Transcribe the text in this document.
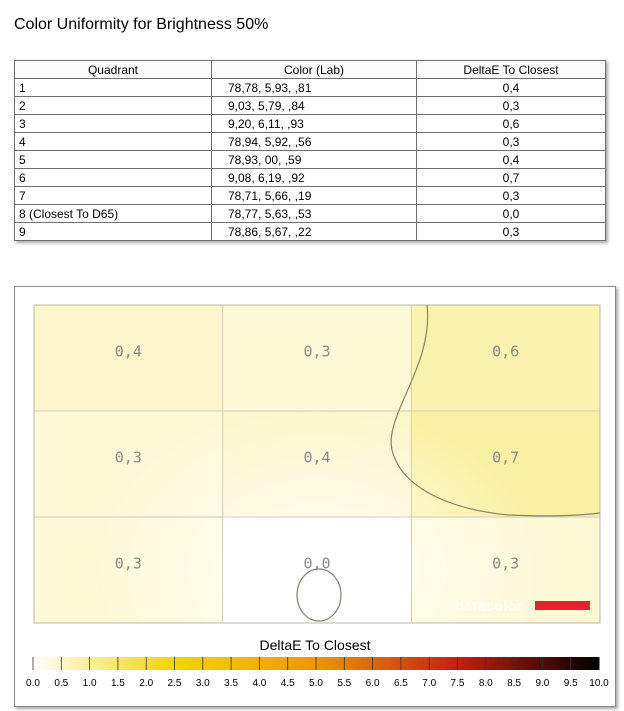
Color Uniformity for Brightness 50%
Quadrant	Color (Lab)	DeltaE To Closest
1	78,78, 5,93, ,81	0,4
2	9,03, 5,79, ,84	0,3
3	9,20, 6,11, ,93	0,6
4	78,94, 5,92, ,56	0,3
5	78,93, 00, ,59	0,4
6	9,08, 6,19, ,92	0,7
7	78,71, 5,66, ,19	0,3
8 (Closest To D65)	78,77, 5,63, ,53	0,0
9	78,86, 5,67, ,22	0,3
0,4	0,3	0,6
0,3	0,4	0,7
0,3	0,0	0,3
datacolor
DeltaE To Closest
0.0 0.5 1.0 1.5 2.0 2.5 3.0 3.5 4.0 4.5 5.0 5.5 6.0 6.5 7.0 7.5 8.0 8.5 9.0 9.5 10.0
